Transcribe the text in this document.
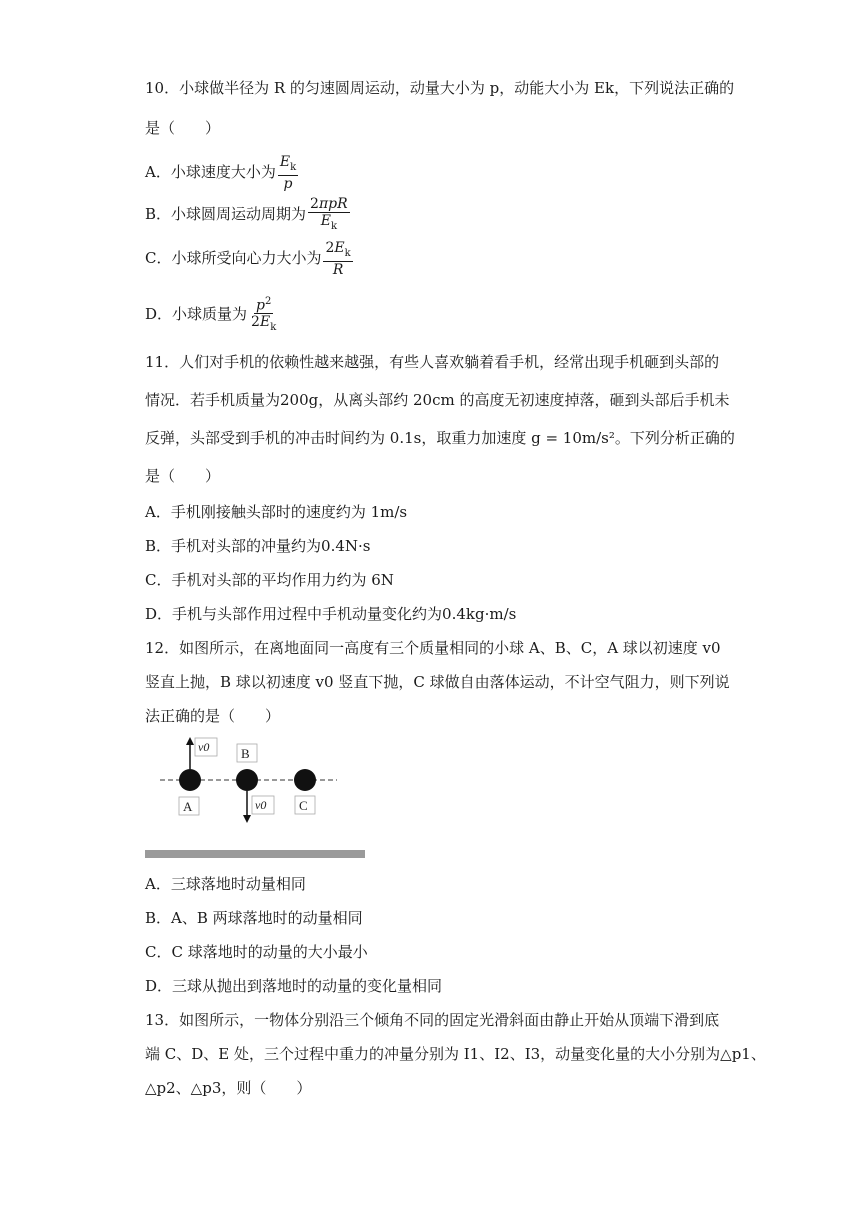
10．小球做半径为 R 的匀速圆周运动，动量大小为 p，动能大小为 Ek，下列说法正确的
是（　　）
A．小球速度大小为 $\frac{E_k}{p}$
B．小球圆周运动周期为 $\frac{\text{2πpR}}{E_k}$
C．小球所受向心力大小为 $\frac{2E_k}{R}$
D．小球质量为 $\frac{p^2}{2E_k}$
11．人们对手机的依赖性越来越强，有些人喜欢躺着看手机，经常出现手机砸到头部的
情况．若手机质量为200g，从离头部约 20cm 的高度无初速度掉落，砸到头部后手机未
反弹，头部受到手机的冲击时间约为 0.1s，取重力加速度 g = 10m/s²。下列分析正确的
是（　　）
A．手机刚接触头部时的速度约为 1m/s
B．手机对头部的冲量约为0.4N·s
C．手机对头部的平均作用力约为 6N
D．手机与头部作用过程中手机动量变化约为0.4kg·m/s
12．如图所示，在离地面同一高度有三个质量相同的小球 A、B、C，A 球以初速度 v0
竖直上抛，B 球以初速度 v0 竖直下抛，C 球做自由落体运动，不计空气阻力，则下列说
法正确的是（　　）
v0
A
B
v0	C
A．三球落地时动量相同
B．A、B 两球落地时的动量相同
C．C 球落地时的动量的大小最小
D．三球从抛出到落地时的动量的变化量相同
13．如图所示，一物体分别沿三个倾角不同的固定光滑斜面由静止开始从顶端下滑到底
端 C、D、E 处，三个过程中重力的冲量分别为 I1、I2、I3，动量变化量的大小分别为△p1、
△p2、△p3，则（　　）
